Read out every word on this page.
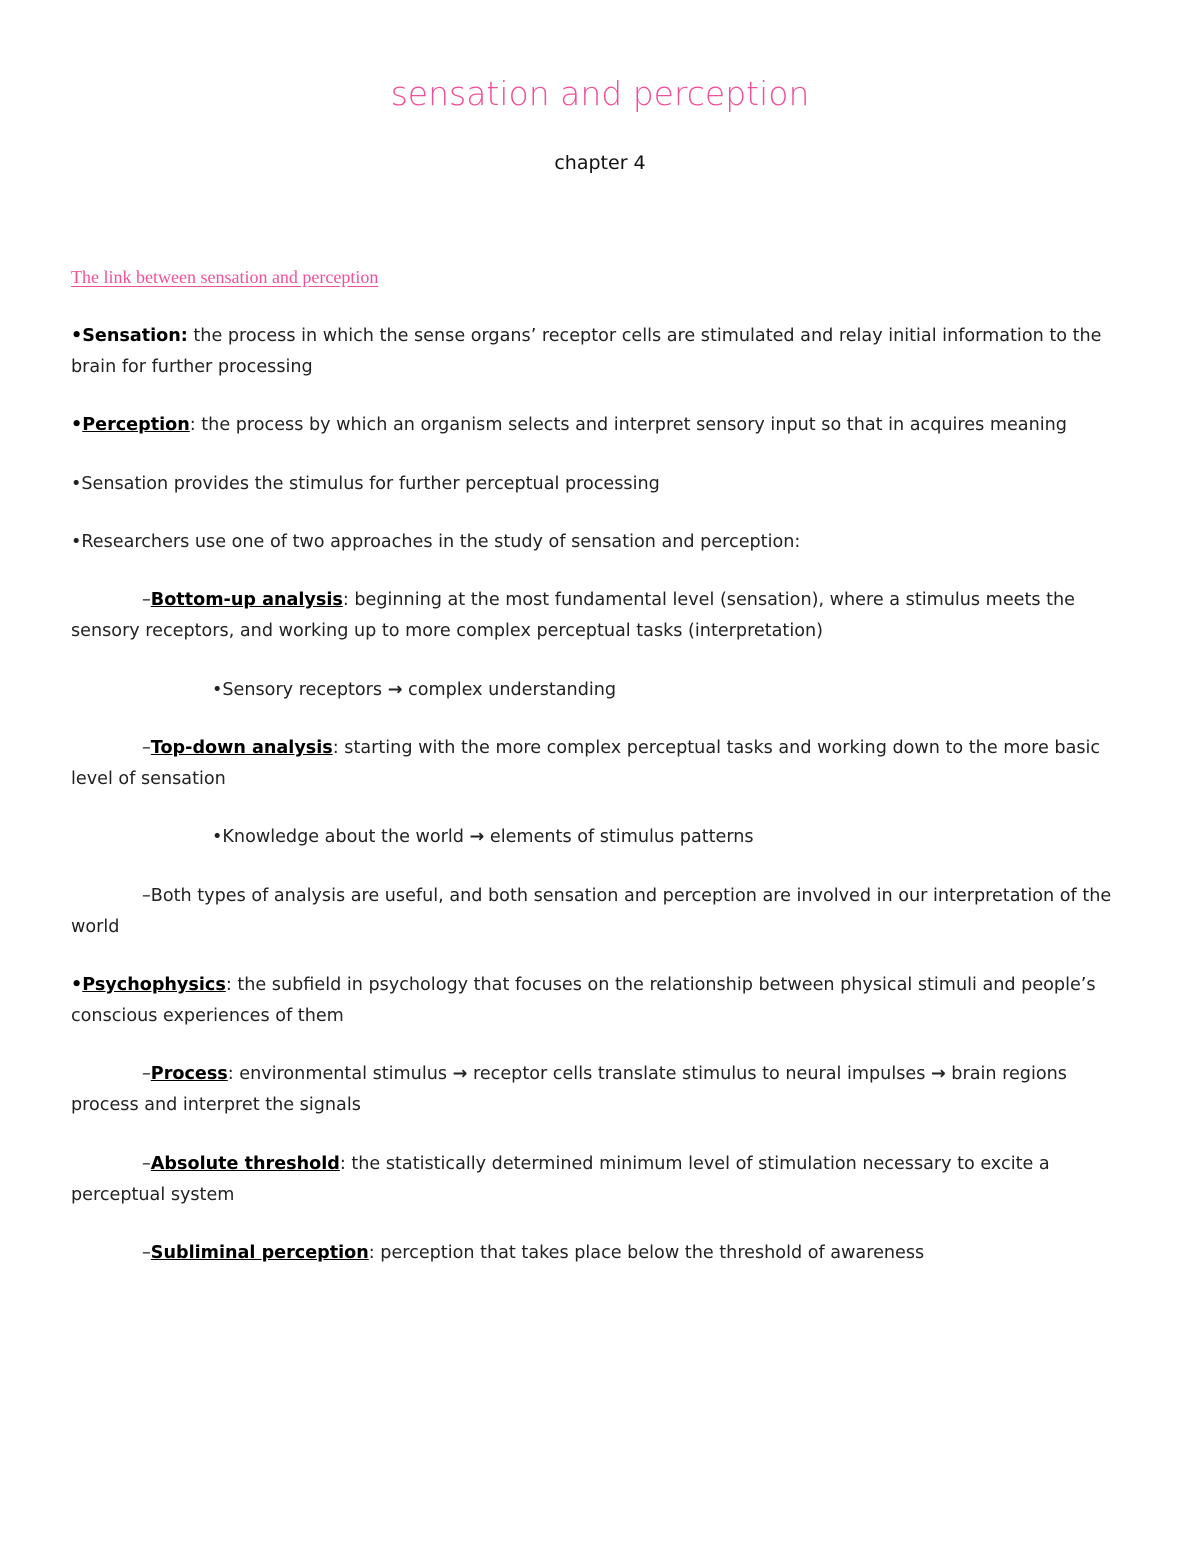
sensation and perception
chapter 4
The link between sensation and perception
•Sensation: the process in which the sense organs’ receptor cells are stimulated and relay initial information to the brain for further processing
•Perception: the process by which an organism selects and interpret sensory input so that in acquires meaning
•Sensation provides the stimulus for further perceptual processing
•Researchers use one of two approaches in the study of sensation and perception:
–Bottom-up analysis: beginning at the most fundamental level (sensation), where a stimulus meets the sensory receptors, and working up to more complex perceptual tasks (interpretation)
•Sensory receptors → complex understanding
–Top-down analysis: starting with the more complex perceptual tasks and working down to the more basic level of sensation
•Knowledge about the world → elements of stimulus patterns
–Both types of analysis are useful, and both sensation and perception are involved in our interpretation of the world
•Psychophysics: the subfield in psychology that focuses on the relationship between physical stimuli and people’s conscious experiences of them
–Process: environmental stimulus → receptor cells translate stimulus to neural impulses → brain regions process and interpret the signals
–Absolute threshold: the statistically determined minimum level of stimulation necessary to excite a perceptual system
–Subliminal perception: perception that takes place below the threshold of awareness
